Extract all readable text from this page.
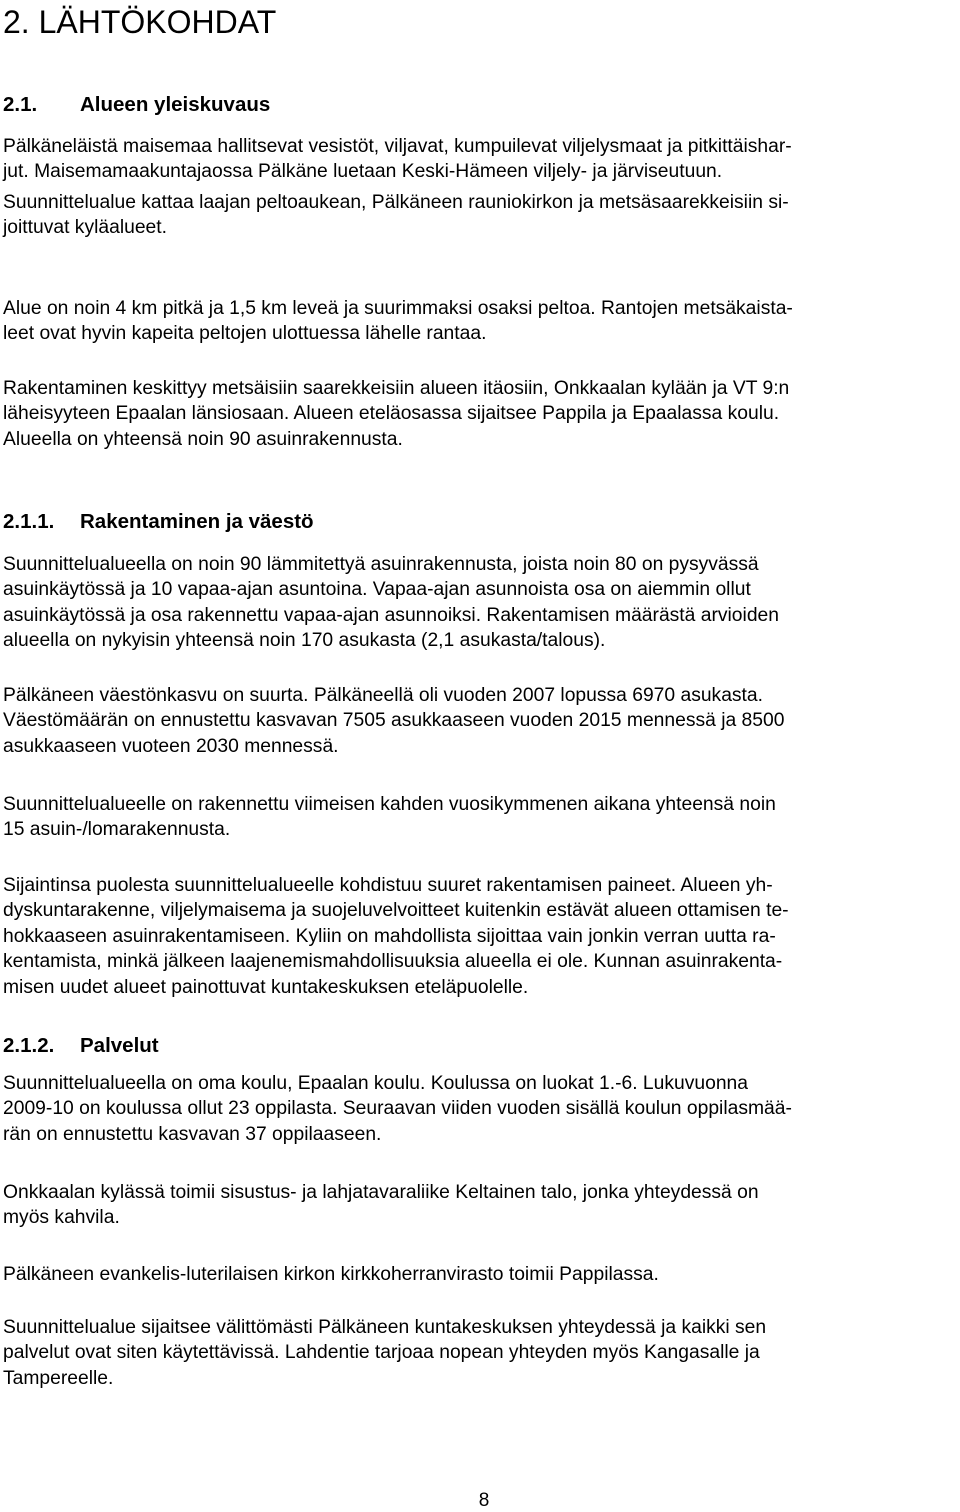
2. LÄHTÖKOHDAT
2.1. Alueen yleiskuvaus
Pälkäneläistä maisemaa hallitsevat vesistöt, viljavat, kumpuilevat viljelysmaat ja pitkittäishar-
jut. Maisemamaakuntajaossa Pälkäne luetaan Keski-Hämeen viljely- ja järviseutuun.
Suunnittelualue kattaa laajan peltoaukean, Pälkäneen rauniokirkon ja metsäsaarekkeisiin si-
joittuvat kyläalueet.
Alue on noin 4 km pitkä ja 1,5 km leveä ja suurimmaksi osaksi peltoa. Rantojen metsäkaista-
leet ovat hyvin kapeita peltojen ulottuessa lähelle rantaa.
Rakentaminen keskittyy metsäisiin saarekkeisiin alueen itäosiin, Onkkaalan kylään ja VT 9:n
läheisyyteen Epaalan länsiosaan. Alueen eteläosassa sijaitsee Pappila ja Epaalassa koulu.
Alueella on yhteensä noin 90 asuinrakennusta.
2.1.1. Rakentaminen ja väestö
Suunnittelualueella on noin 90 lämmitettyä asuinrakennusta, joista noin 80 on pysyvässä
asuinkäytössä ja 10 vapaa-ajan asuntoina. Vapaa-ajan asunnoista osa on aiemmin ollut
asuinkäytössä ja osa rakennettu vapaa-ajan asunnoiksi. Rakentamisen määrästä arvioiden
alueella on nykyisin yhteensä noin 170 asukasta (2,1 asukasta/talous).
Pälkäneen väestönkasvu on suurta. Pälkäneellä oli vuoden 2007 lopussa 6970 asukasta.
Väestömäärän on ennustettu kasvavan 7505 asukkaaseen vuoden 2015 mennessä ja 8500
asukkaaseen vuoteen 2030 mennessä.
Suunnittelualueelle on rakennettu viimeisen kahden vuosikymmenen aikana yhteensä noin
15 asuin-/lomarakennusta.
Sijaintinsa puolesta suunnittelualueelle kohdistuu suuret rakentamisen paineet. Alueen yh-
dyskuntarakenne, viljelymaisema ja suojeluvelvoitteet kuitenkin estävät alueen ottamisen te-
hokkaaseen asuinrakentamiseen. Kyliin on mahdollista sijoittaa vain jonkin verran uutta ra-
kentamista, minkä jälkeen laajenemismahdollisuuksia alueella ei ole. Kunnan asuinrakenta-
misen uudet alueet painottuvat kuntakeskuksen eteläpuolelle.
2.1.2. Palvelut
Suunnittelualueella on oma koulu, Epaalan koulu. Koulussa on luokat 1.-6. Lukuvuonna
2009-10 on koulussa ollut 23 oppilasta. Seuraavan viiden vuoden sisällä koulun oppilasmää-
rän on ennustettu kasvavan 37 oppilaaseen.
Onkkaalan kylässä toimii sisustus- ja lahjatavaraliike Keltainen talo, jonka yhteydessä on
myös kahvila.
Pälkäneen evankelis-luterilaisen kirkon kirkkoherranvirasto toimii Pappilassa.
Suunnittelualue sijaitsee välittömästi Pälkäneen kuntakeskuksen yhteydessä ja kaikki sen
palvelut ovat siten käytettävissä. Lahdentie tarjoaa nopean yhteyden myös Kangasalle ja
Tampereelle.
8
